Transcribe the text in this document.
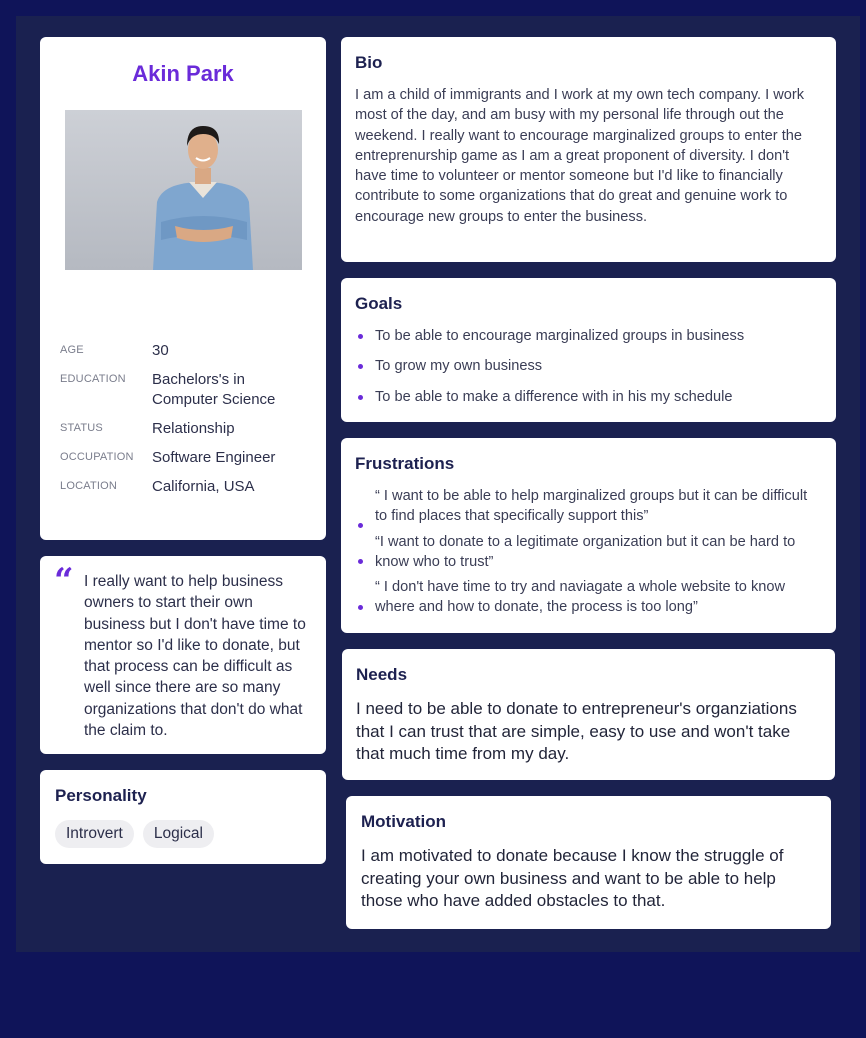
Akin Park
AGE	30
EDUCATION	Bachelors's in Computer Science
STATUS	Relationship
OCCUPATION	Software Engineer
LOCATION	California, USA
“ I really want to help business owners to start their own business but I don't have time to mentor so I'd like to donate, but that process can be difficult as well since there are so many organizations that don't do what the claim to.
Personality
Introvert	Logical
Bio
I am a child of immigrants and I work at my own tech company. I work most of the day, and am busy with my personal life through out the weekend. I really want to encourage marginalized groups to enter the entreprenurship game as I am a great proponent of diversity. I don't have time to volunteer or mentor someone but I'd like to financially contribute to some organizations that do great and genuine work to encourage new groups to enter the business.
Goals
To be able to encourage marginalized groups in business
To grow my own business
To be able to make a difference with in his my schedule
Frustrations
“ I want to be able to help marginalized groups but it can be difficult to find places that specifically support this”
“I want to donate to a legitimate organization but it can be hard to know who to trust”
“ I don't have time to try and naviagate a whole website to know where and how to donate, the process is too long”
Needs
I need to be able to donate to entrepreneur's organziations that I can trust that are simple, easy to use and won't take that much time from my day.
Motivation
I am motivated to donate because I know the struggle of creating your own business and want to be able to help those who have added obstacles to that.
